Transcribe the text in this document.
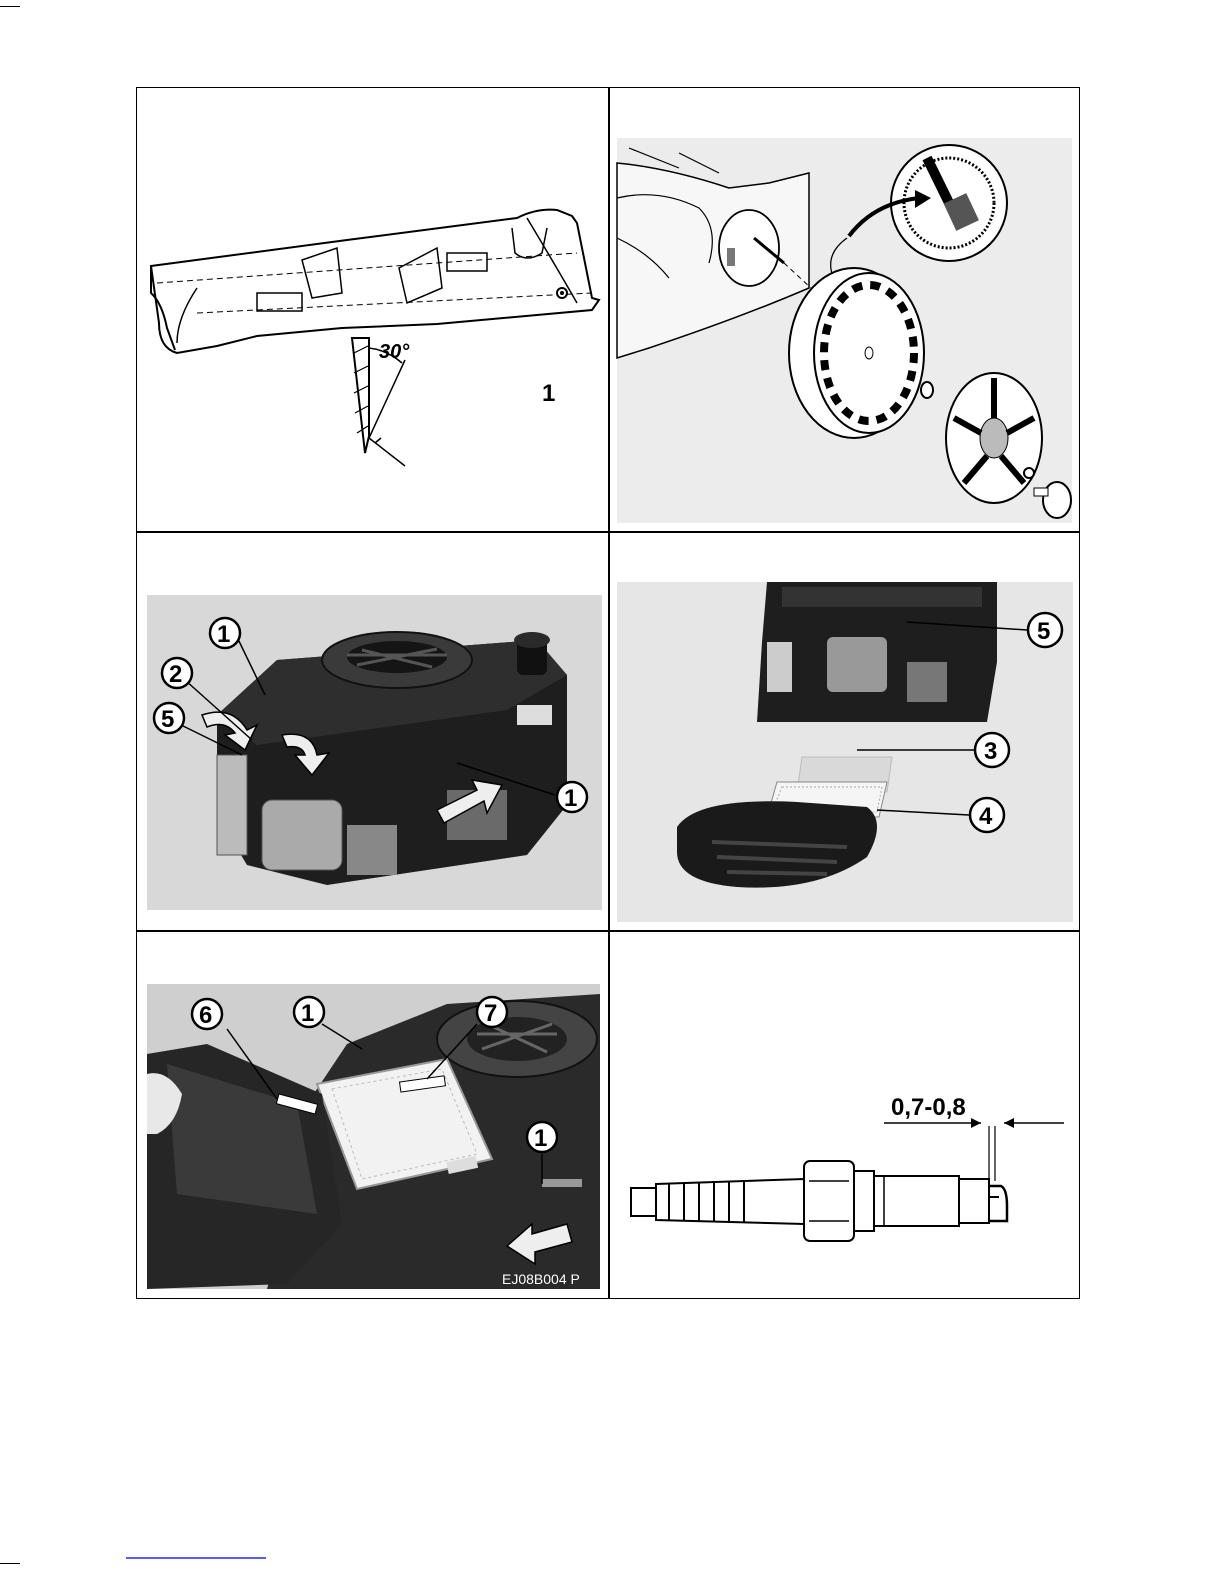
30°
1
1
2
5
1
5
3
4
6	1	7
1
EJ08B004 P
0,7-0,8
